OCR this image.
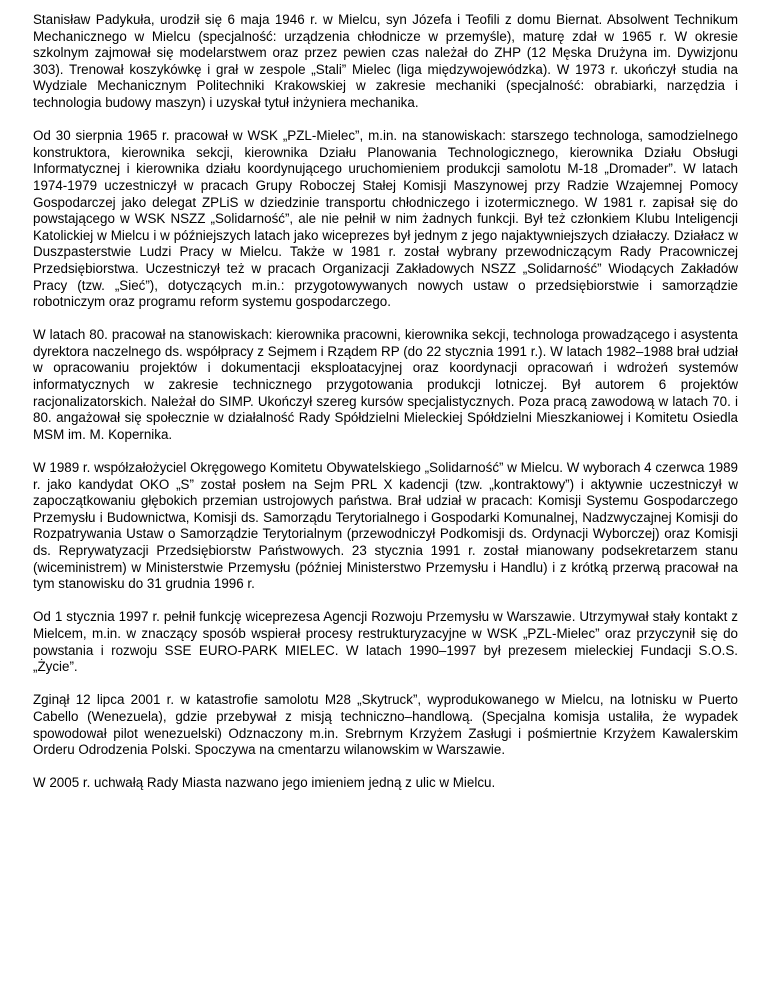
Stanisław Padykuła, urodził się 6 maja 1946 r. w Mielcu, syn Józefa i Teofili z domu Biernat. Absolwent Technikum Mechanicznego w Mielcu (specjalność: urządzenia chłodnicze w przemyśle), maturę zdał w 1965 r. W okresie szkolnym zajmował się modelarstwem oraz przez pewien czas należał do ZHP (12 Męska Drużyna im. Dywizjonu 303). Trenował koszykówkę i grał w zespole „Stali” Mielec (liga międzywojewódzka). W 1973 r. ukończył studia na Wydziale Mechanicznym Politechniki Krakowskiej w zakresie mechaniki (specjalność: obrabiarki, narzędzia i technologia budowy maszyn) i uzyskał tytuł inżyniera mechanika.

Od 30 sierpnia 1965 r. pracował w WSK „PZL-Mielec”, m.in. na stanowiskach: starszego technologa, samodzielnego konstruktora, kierownika sekcji, kierownika Działu Planowania Technologicznego, kierownika Działu Obsługi Informatycznej i kierownika działu koordynującego uruchomieniem produkcji samolotu M-18 „Dromader”. W latach 1974-1979 uczestniczył w pracach Grupy Roboczej Stałej Komisji Maszynowej przy Radzie Wzajemnej Pomocy Gospodarczej jako delegat ZPLiS w dziedzinie transportu chłodniczego i izotermicznego. W 1981 r. zapisał się do powstającego w WSK NSZZ „Solidarność”, ale nie pełnił w nim żadnych funkcji. Był też członkiem Klubu Inteligencji Katolickiej w Mielcu i w późniejszych latach jako wiceprezes był jednym z jego najaktywniejszych działaczy. Działacz w Duszpasterstwie Ludzi Pracy w Mielcu. Także w 1981 r. został wybrany przewodniczącym Rady Pracowniczej Przedsiębiorstwa. Uczestniczył też w pracach Organizacji Zakładowych NSZZ „Solidarność” Wiodących Zakładów Pracy (tzw. „Sieć”), dotyczących m.in.: przygotowywanych nowych ustaw o przedsiębiorstwie i samorządzie robotniczym oraz programu reform systemu gospodarczego.

W latach 80. pracował na stanowiskach: kierownika pracowni, kierownika sekcji, technologa prowadzącego i asystenta dyrektora naczelnego ds. współpracy z Sejmem i Rządem RP (do 22 stycznia 1991 r.). W latach 1982–1988 brał udział w opracowaniu projektów i dokumentacji eksploatacyjnej oraz koordynacji opracowań i wdrożeń systemów informatycznych w zakresie technicznego przygotowania produkcji lotniczej. Był autorem 6 projektów racjonalizatorskich. Należał do SIMP. Ukończył szereg kursów specjalistycznych. Poza pracą zawodową w latach 70. i 80. angażował się społecznie w działalność Rady Spółdzielni Mieleckiej Spółdzielni Mieszkaniowej i Komitetu Osiedla MSM im. M. Kopernika.

W 1989 r. współzałożyciel Okręgowego Komitetu Obywatelskiego „Solidarność” w Mielcu. W wyborach 4 czerwca 1989 r. jako kandydat OKO „S” został posłem na Sejm PRL X kadencji (tzw. „kontraktowy”) i aktywnie uczestniczył w zapoczątkowaniu głębokich przemian ustrojowych państwa. Brał udział w pracach: Komisji Systemu Gospodarczego Przemysłu i Budownictwa, Komisji ds. Samorządu Terytorialnego i Gospodarki Komunalnej, Nadzwyczajnej Komisji do Rozpatrywania Ustaw o Samorządzie Terytorialnym (przewodniczył Podkomisji ds. Ordynacji Wyborczej) oraz Komisji ds. Reprywatyzacji Przedsiębiorstw Państwowych. 23 stycznia 1991 r. został mianowany podsekretarzem stanu (wiceministrem) w Ministerstwie Przemysłu (później Ministerstwo Przemysłu i Handlu) i z krótką przerwą pracował na tym stanowisku do 31 grudnia 1996 r.

Od 1 stycznia 1997 r. pełnił funkcję wiceprezesa Agencji Rozwoju Przemysłu w Warszawie. Utrzymywał stały kontakt z Mielcem, m.in. w znaczący sposób wspierał procesy restrukturyzacyjne w WSK „PZL-Mielec” oraz przyczynił się do powstania i rozwoju SSE EURO-PARK MIELEC. W latach 1990–1997 był prezesem mieleckiej Fundacji S.O.S. „Życie”.

Zginął 12 lipca 2001 r. w katastrofie samolotu M28 „Skytruck”, wyprodukowanego w Mielcu, na lotnisku w Puerto Cabello (Wenezuela), gdzie przebywał z misją techniczno–handlową. (Specjalna komisja ustaliła, że wypadek spowodował pilot wenezuelski) Odznaczony m.in. Srebrnym Krzyżem Zasługi i pośmiertnie Krzyżem Kawalerskim Orderu Odrodzenia Polski. Spoczywa na cmentarzu wilanowskim w Warszawie.

W 2005 r. uchwałą Rady Miasta nazwano jego imieniem jedną z ulic w Mielcu.
